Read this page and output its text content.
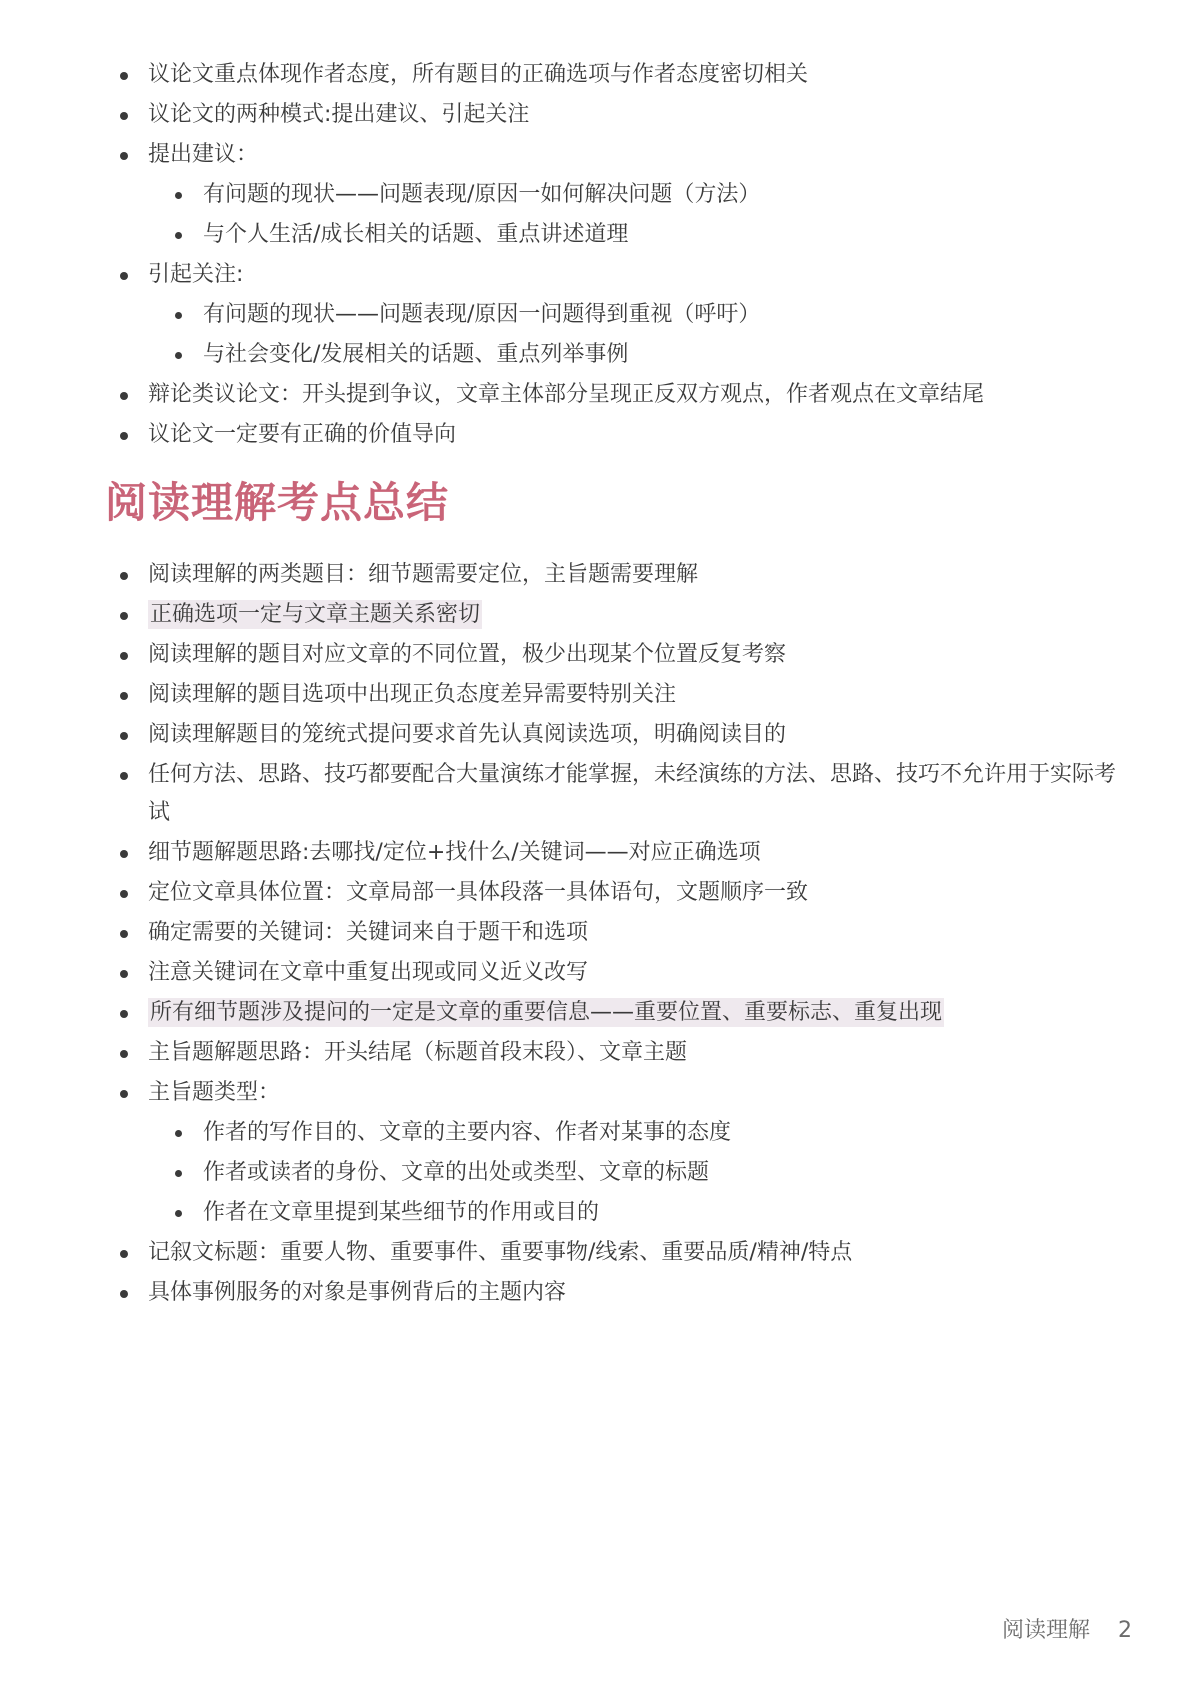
议论文重点体现作者态度，所有题目的正确选项与作者态度密切相关
议论文的两种模式:提出建议、引起关注
提出建议：
有问题的现状——问题表现/原因一如何解决问题（方法）
与个人生活/成长相关的话题、重点讲述道理
引起关注:
有问题的现状——问题表现/原因一问题得到重视（呼吁）
与社会变化/发展相关的话题、重点列举事例
辩论类议论文：开头提到争议，文章主体部分呈现正反双方观点，作者观点在文章结尾
议论文一定要有正确的价值导向
阅读理解考点总结
阅读理解的两类题目：细节题需要定位，主旨题需要理解
正确选项一定与文章主题关系密切
阅读理解的题目对应文章的不同位置，极少出现某个位置反复考察
阅读理解的题目选项中出现正负态度差异需要特别关注
阅读理解题目的笼统式提问要求首先认真阅读选项，明确阅读目的
任何方法、思路、技巧都要配合大量演练才能掌握，未经演练的方法、思路、技巧不允许用于实际考试
细节题解题思路:去哪找/定位+找什么/关键词——对应正确选项
定位文章具体位置：文章局部一具体段落一具体语句，文题顺序一致
确定需要的关键词：关键词来自于题干和选项
注意关键词在文章中重复出现或同义近义改写
所有细节题涉及提问的一定是文章的重要信息——重要位置、重要标志、重复出现
主旨题解题思路：开头结尾（标题首段末段）、文章主题
主旨题类型：
作者的写作目的、文章的主要内容、作者对某事的态度
作者或读者的身份、文章的出处或类型、文章的标题
作者在文章里提到某些细节的作用或目的
记叙文标题：重要人物、重要事件、重要事物/线索、重要品质/精神/特点
具体事例服务的对象是事例背后的主题内容
阅读理解 2
